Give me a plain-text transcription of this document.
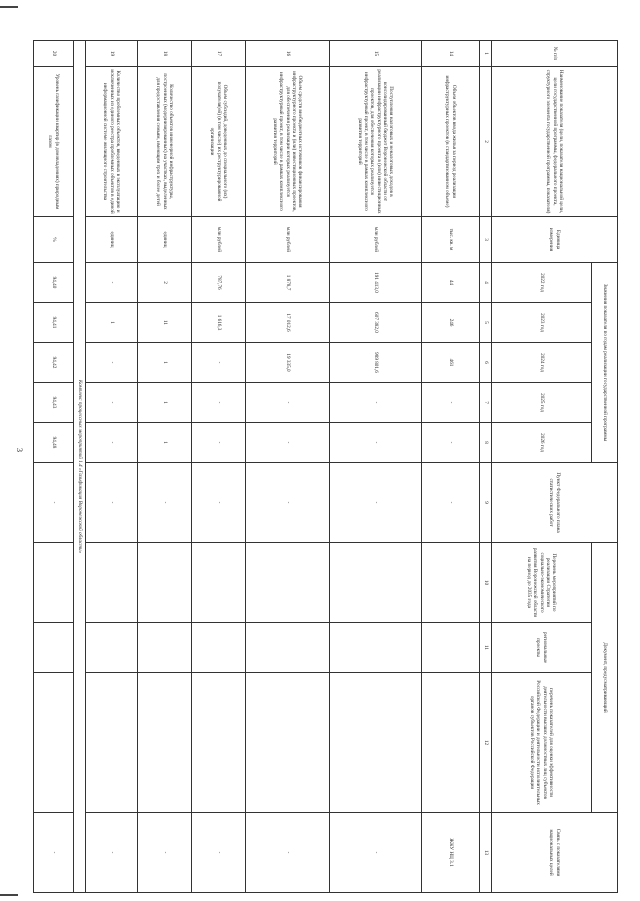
3
№ п/п	Наименование показателя (цели, показателя национальной цели, цели государственной программы, федерального проекта, структурного элемента государственной программы, показателя)	Единица измерения	Значения показателя по годам реализации государственной программы					Пункт Федерального плана статистических работ	Документ, предусматривающий			Связь с показателями национальных целей
			2022 год	2023 год	2024 год	2025 год	2026 год		Перечень мероприятий по реализации Стратегии социально-экономического развития Воронежской области на период до 2035 года	региональные проекты	перечень показателей для оценки эффективности деятельности высших должностных лиц субъектов Российской Федерации и деятельности исполнительных органов субъектов Российской Федерации	

1	2	3	4	5	6	7	8	9	10	11	12	13
14	Объем объектов ввода жилья за период реализации инфраструктурных проектов (в стандартизованном объеме)	тыс. кв. м	44	246	461	-	-	-				ЖКУ НЦ 3.1
15	Поступления налоговых и неналоговых доходов в консолидированный бюджет Воронежской области от реализации инфраструктурного проекта в (или) инвестиционных проектов, для обеспечения которых реализуется инфраструктурный проект, в том числе в рамках комплексного развития территорий	млн рублей	191 413,0	607 382,0	989 801,6	-	-	-				-
16	Объем средств внебюджетных источников финансирования инфраструктурного проекта и (или) инвестиционных проектов, для обеспечения реализации которых реализуется инфраструктурный проект, в том числе в рамках комплексного развития территорий	млн рублей	1 878,7	17 012,6	19 335,0	-	-	-				-
17	Объем субсидий, доведенных до специального (их) получателя(ей) (в том числе) их реструктурированной организации	млн рублей	787,76	1 616,3	-	-	-	-				-
18	Количество объектов инженерной инфраструктуры, построенных (модернизированных) на участках, выделенных для предоставления семьям, имеющим трех и более детей	единиц	2	11	1	1	1	-				-
19	Количество проблемных объектов, введенных в эксплуатацию и исключенных из единого реестра проблемных объектов в единой информационной системе жилищного строительства	единиц	-	1	-	-	-	-				-
Комплекс процессных мероприятий 1.4 «Газификация Воронежской области»												
20	Уровень газификации квартир (в домовладениях) природным газом	%	94,40	94,41	94,42	94,43	94,48	-				-
